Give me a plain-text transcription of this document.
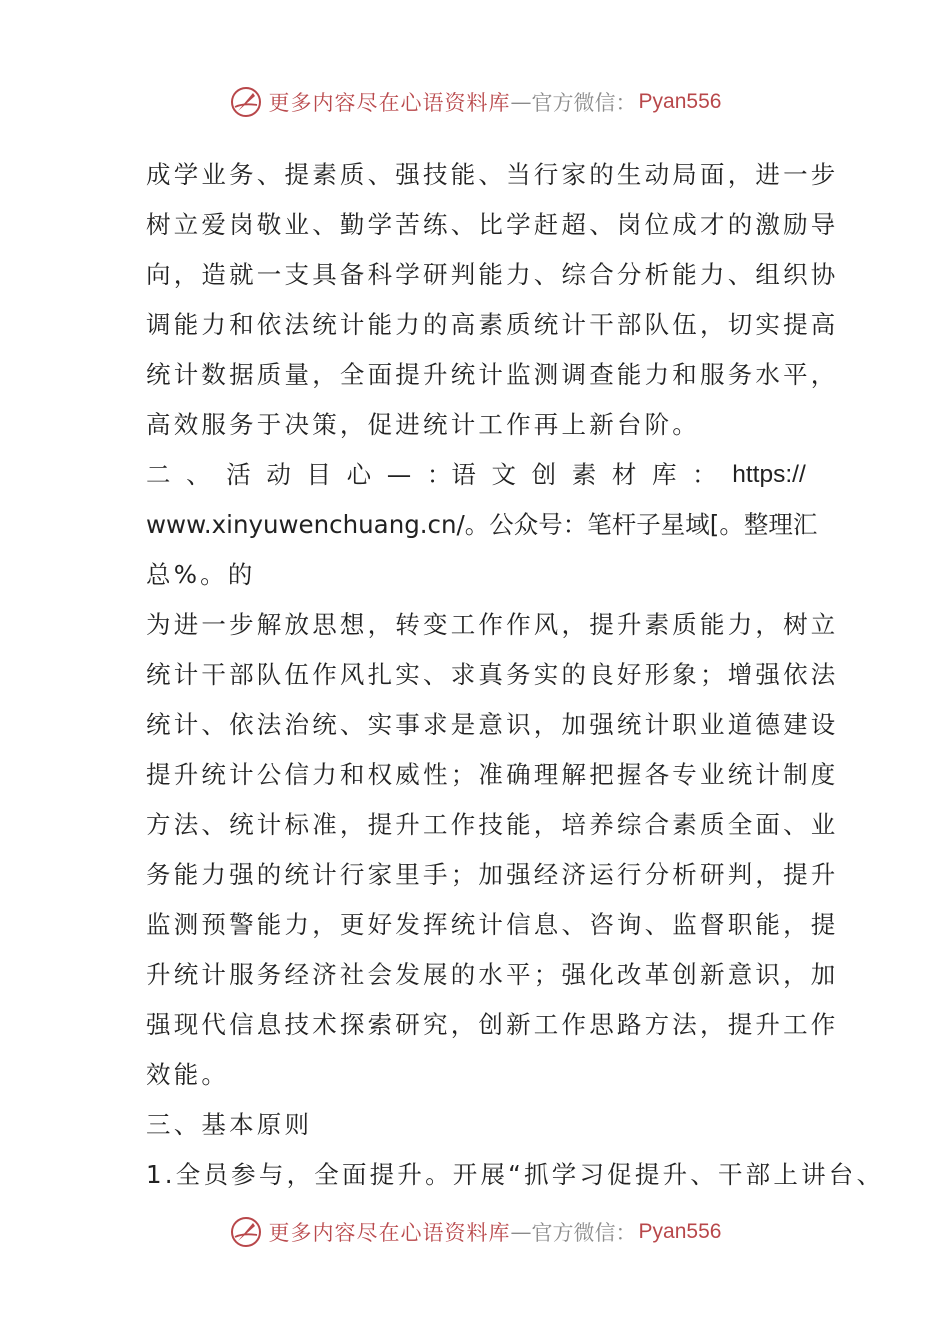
更多内容尽在心语资料库 — 官方微信： Pyan556
成学业务、提素质、强技能、当行家的生动局面，进一步
树立爱岗敬业、勤学苦练、比学赶超、岗位成才的激励导
向，造就一支具备科学研判能力、综合分析能力、组织协
调能力和依法统计能力的高素质统计干部队伍，切实提高
统计数据质量，全面提升统计监测调查能力和服务水平，
高效服务于决策，促进统计工作再上新台阶。
二 、 活 动 目 心 — ：语 文 创 素 材 库 ： https://
www.xinyuwenchuang.cn/。公众号：笔杆子星域[。整理汇
总%。的
为进一步解放思想，转变工作作风，提升素质能力，树立
统计干部队伍作风扎实、求真务实的良好形象；增强依法
统计、依法治统、实事求是意识，加强统计职业道德建设
提升统计公信力和权威性；准确理解把握各专业统计制度
方法、统计标准，提升工作技能，培养综合素质全面、业
务能力强的统计行家里手；加强经济运行分析研判，提升
监测预警能力，更好发挥统计信息、咨询、监督职能，提
升统计服务经济社会发展的水平；强化改革创新意识，加
强现代信息技术探索研究，创新工作思路方法，提升工作
效能。
三、基本原则
1.全员参与，全面提升。开展“抓学习促提升、干部上讲台、
更多内容尽在心语资料库 — 官方微信： Pyan556
